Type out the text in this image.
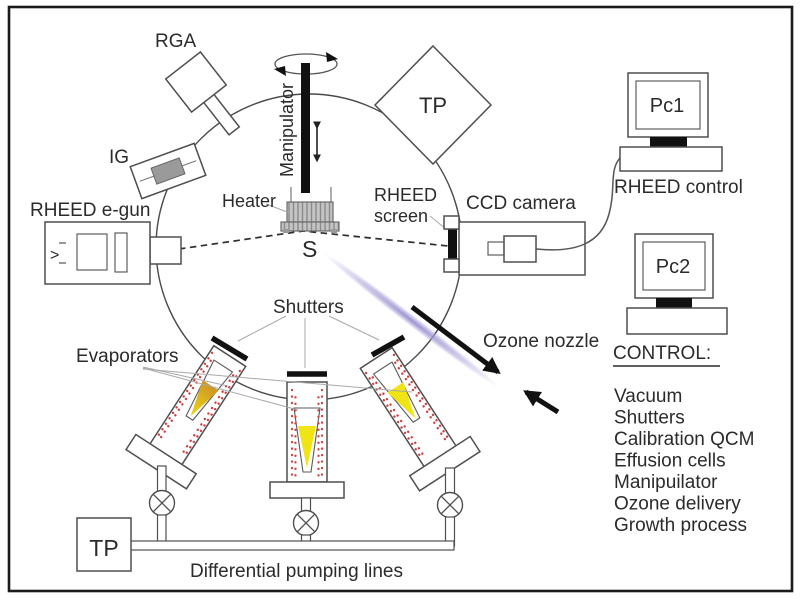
Manipulator
RGA
IG
>
RHEED e-gun	Heater
S
TP
TP
Differential pumping lines
Shutters
Evaporators
CCD camera
RHEED
screen
Ozone nozzle
Pc1
RHEED control
Pc2
CONTROL:
Vacuum
Shutters
Calibration QCM
Effusion cells
Manipuilator
Ozone delivery
Growth process
